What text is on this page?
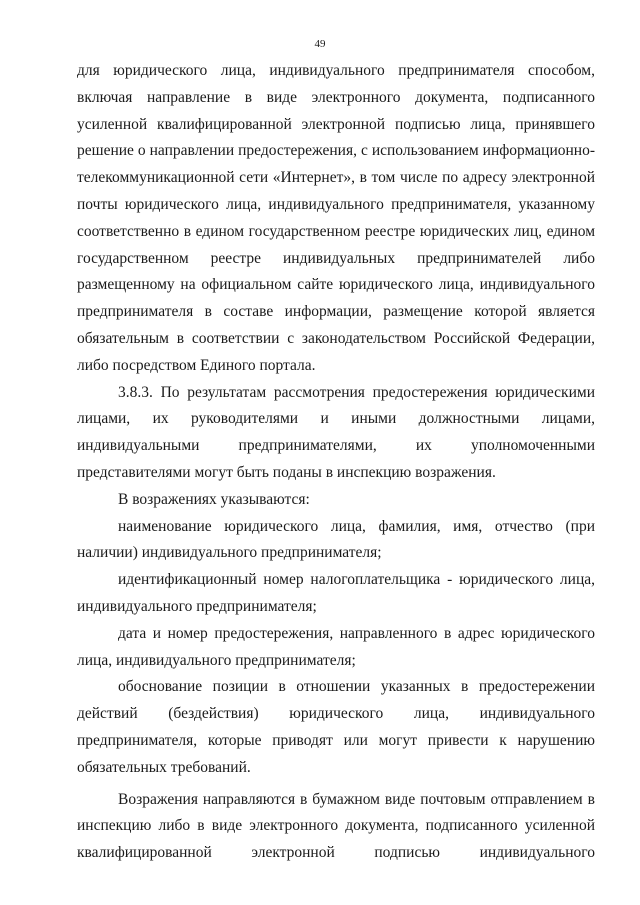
49

для юридического лица, индивидуального предпринимателя способом, включая направление в виде электронного документа, подписанного усиленной квалифицированной электронной подписью лица, принявшего решение о направлении предостережения, с использованием информационно-телекоммуникационной сети «Интернет», в том числе по адресу электронной почты юридического лица, индивидуального предпринимателя, указанному соответственно в едином государственном реестре юридических лиц, едином государственном реестре индивидуальных предпринимателей либо размещенному на официальном сайте юридического лица, индивидуального предпринимателя в составе информации, размещение которой является обязательным в соответствии с законодательством Российской Федерации, либо посредством Единого портала.

3.8.3. По результатам рассмотрения предостережения юридическими лицами, их руководителями и иными должностными лицами, индивидуальными предпринимателями, их уполномоченными представителями могут быть поданы в инспекцию возражения.

В возражениях указываются:

наименование юридического лица, фамилия, имя, отчество (при наличии) индивидуального предпринимателя;

идентификационный номер налогоплательщика - юридического лица, индивидуального предпринимателя;

дата и номер предостережения, направленного в адрес юридического лица, индивидуального предпринимателя;

обоснование позиции в отношении указанных в предостережении действий (бездействия) юридического лица, индивидуального предпринимателя, которые приводят или могут привести к нарушению обязательных требований.

Возражения направляются в бумажном виде почтовым отправлением в инспекцию либо в виде электронного документа, подписанного усиленной квалифицированной электронной подписью индивидуального
